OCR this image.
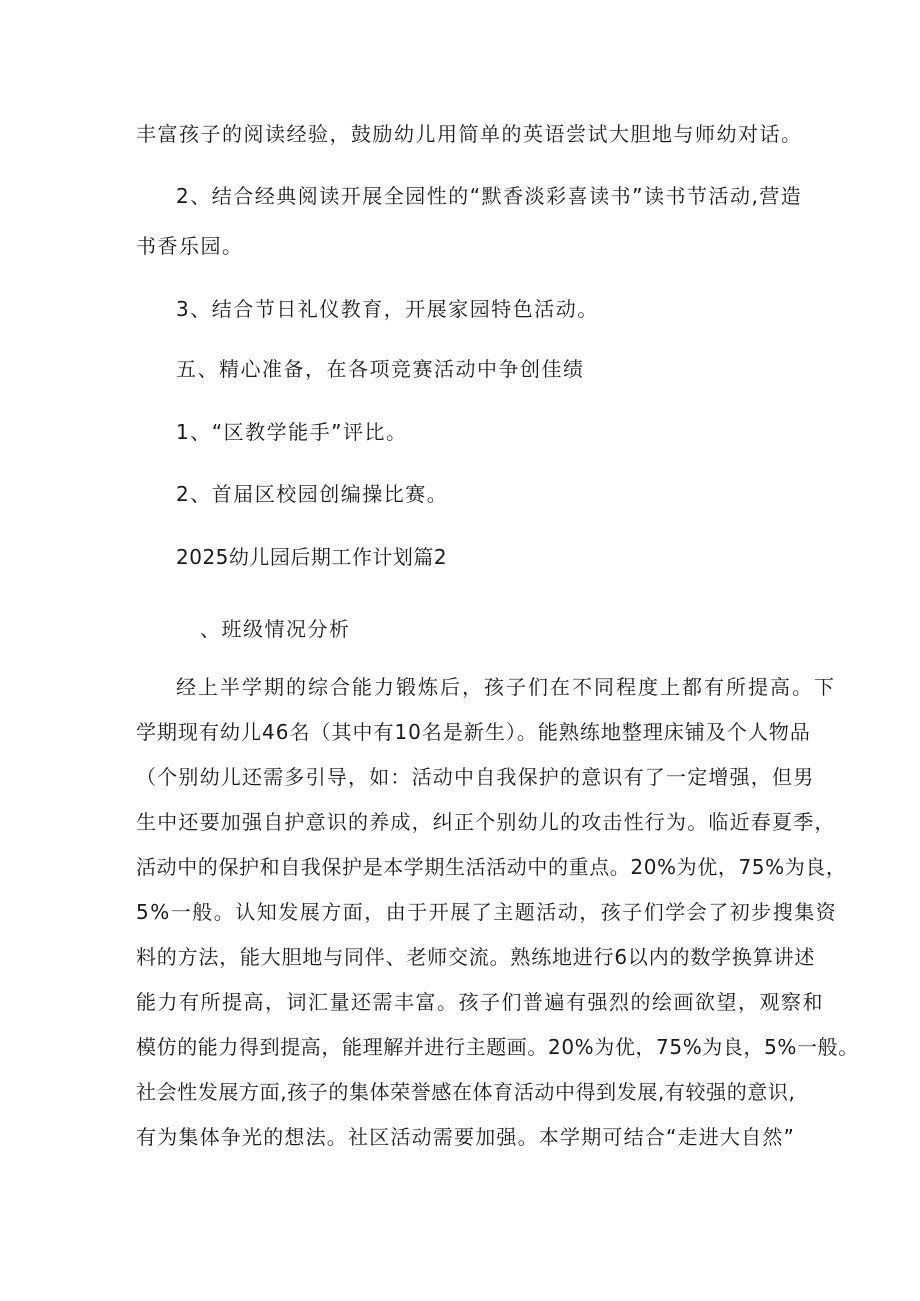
丰富孩子的阅读经验，鼓励幼儿用简单的英语尝试大胆地与师幼对话。
2、结合经典阅读开展全园性的“默香淡彩喜读书”读书节活动,营造
书香乐园。
3、结合节日礼仪教育，开展家园特色活动。
五、精心准备，在各项竞赛活动中争创佳绩
1、“区教学能手”评比。
2、首届区校园创编操比赛。
2025幼儿园后期工作计划篇2
、班级情况分析
经上半学期的综合能力锻炼后，孩子们在不同程度上都有所提高。下
学期现有幼儿46名（其中有10名是新生）。能熟练地整理床铺及个人物品
（个别幼儿还需多引导，如：活动中自我保护的意识有了一定增强，但男
生中还要加强自护意识的养成，纠正个别幼儿的攻击性行为。临近春夏季，
活动中的保护和自我保护是本学期生活活动中的重点。20%为优，75%为良，
5%一般。认知发展方面，由于开展了主题活动，孩子们学会了初步搜集资
料的方法，能大胆地与同伴、老师交流。熟练地进行6以内的数学换算讲述
能力有所提高，词汇量还需丰富。孩子们普遍有强烈的绘画欲望，观察和
模仿的能力得到提高，能理解并进行主题画。20%为优，75%为良，5%一般。
社会性发展方面,孩子的集体荣誉感在体育活动中得到发展,有较强的意识,
有为集体争光的想法。社区活动需要加强。本学期可结合“走进大自然”
